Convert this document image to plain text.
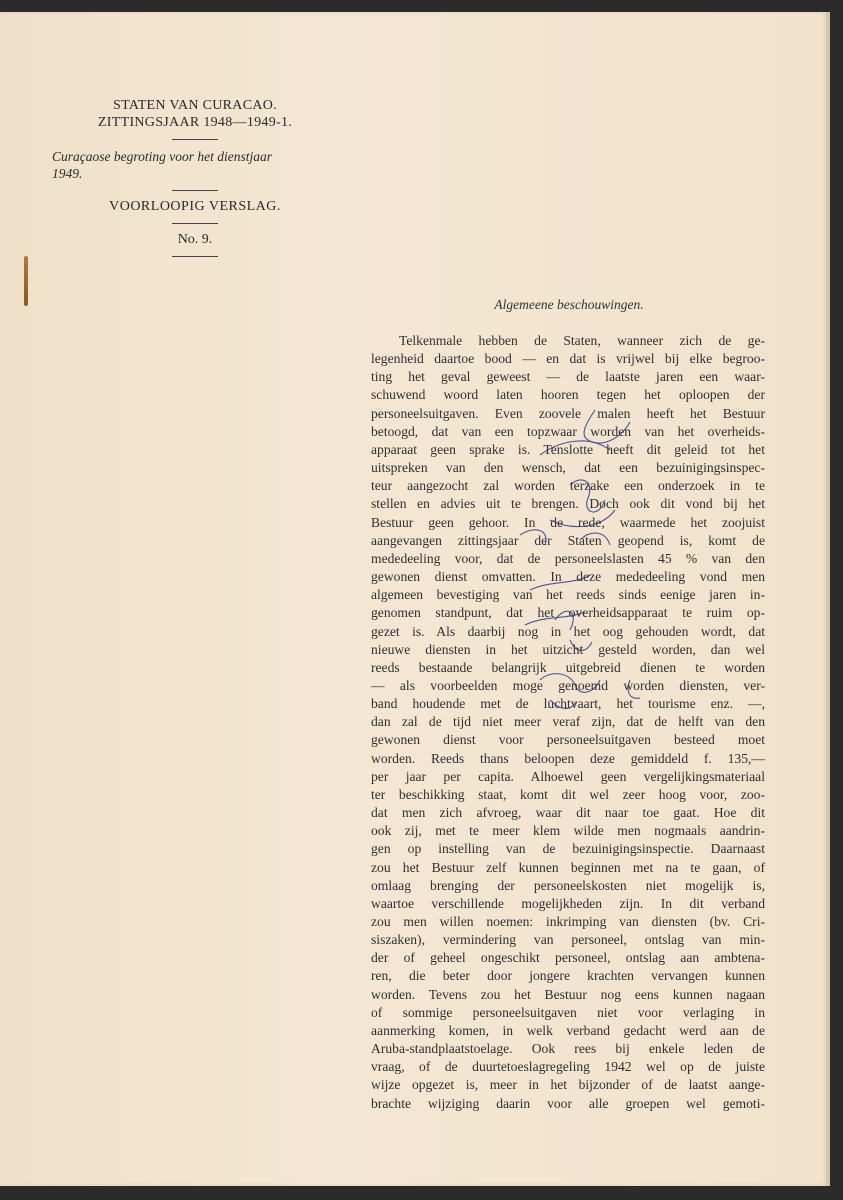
STATEN VAN CURACAO.
ZITTINGSJAAR 1948—1949-1.
Curaçaose begroting voor het dienstjaar
1949.
VOORLOOPIG VERSLAG.
No. 9.
Algemeene beschouwingen.
Telkenmale hebben de Staten, wanneer zich de ge-
legenheid daartoe bood — en dat is vrijwel bij elke begroo-
ting het geval geweest — de laatste jaren een waar-
schuwend woord laten hooren tegen het oploopen der
personeelsuitgaven. Even zoovele malen heeft het Bestuur
betoogd, dat van een topzwaar worden van het overheids-
apparaat geen sprake is. Tenslotte heeft dit geleid tot het
uitspreken van den wensch, dat een bezuinigingsinspec-
teur aangezocht zal worden terzake een onderzoek in te
stellen en advies uit te brengen. Doch ook dit vond bij het
Bestuur geen gehoor. In de rede, waarmede het zoojuist
aangevangen zittingsjaar der Staten geopend is, komt de
mededeeling voor, dat de personeelslasten 45 % van den
gewonen dienst omvatten. In deze mededeeling vond men
algemeen bevestiging van het reeds sinds eenige jaren in-
genomen standpunt, dat het overheidsapparaat te ruim op-
gezet is. Als daarbij nog in het oog gehouden wordt, dat
nieuwe diensten in het uitzicht gesteld worden, dan wel
reeds bestaande belangrijk uitgebreid dienen te worden
— als voorbeelden moge genoemd worden diensten, ver-
band houdende met de luchtvaart, het tourisme enz. —,
dan zal de tijd niet meer veraf zijn, dat de helft van den
gewonen dienst voor personeelsuitgaven besteed moet
worden. Reeds thans beloopen deze gemiddeld f. 135,—
per jaar per capita. Alhoewel geen vergelijkingsmateriaal
ter beschikking staat, komt dit wel zeer hoog voor, zoo-
dat men zich afvroeg, waar dit naar toe gaat. Hoe dit
ook zij, met te meer klem wilde men nogmaals aandrin-
gen op instelling van de bezuinigingsinspectie. Daarnaast
zou het Bestuur zelf kunnen beginnen met na te gaan, of
omlaag brenging der personeelskosten niet mogelijk is,
waartoe verschillende mogelijkheden zijn. In dit verband
zou men willen noemen: inkrimping van diensten (bv. Cri-
siszaken), vermindering van personeel, ontslag van min-
der of geheel ongeschikt personeel, ontslag aan ambtena-
ren, die beter door jongere krachten vervangen kunnen
worden. Tevens zou het Bestuur nog eens kunnen nagaan
of sommige personeelsuitgaven niet voor verlaging in
aanmerking komen, in welk verband gedacht werd aan de
Aruba-standplaatstoelage. Ook rees bij enkele leden de
vraag, of de duurtetoeslagregeling 1942 wel op de juiste
wijze opgezet is, meer in het bijzonder of de laatst aange-
brachte wijziging daarin voor alle groepen wel gemoti-
